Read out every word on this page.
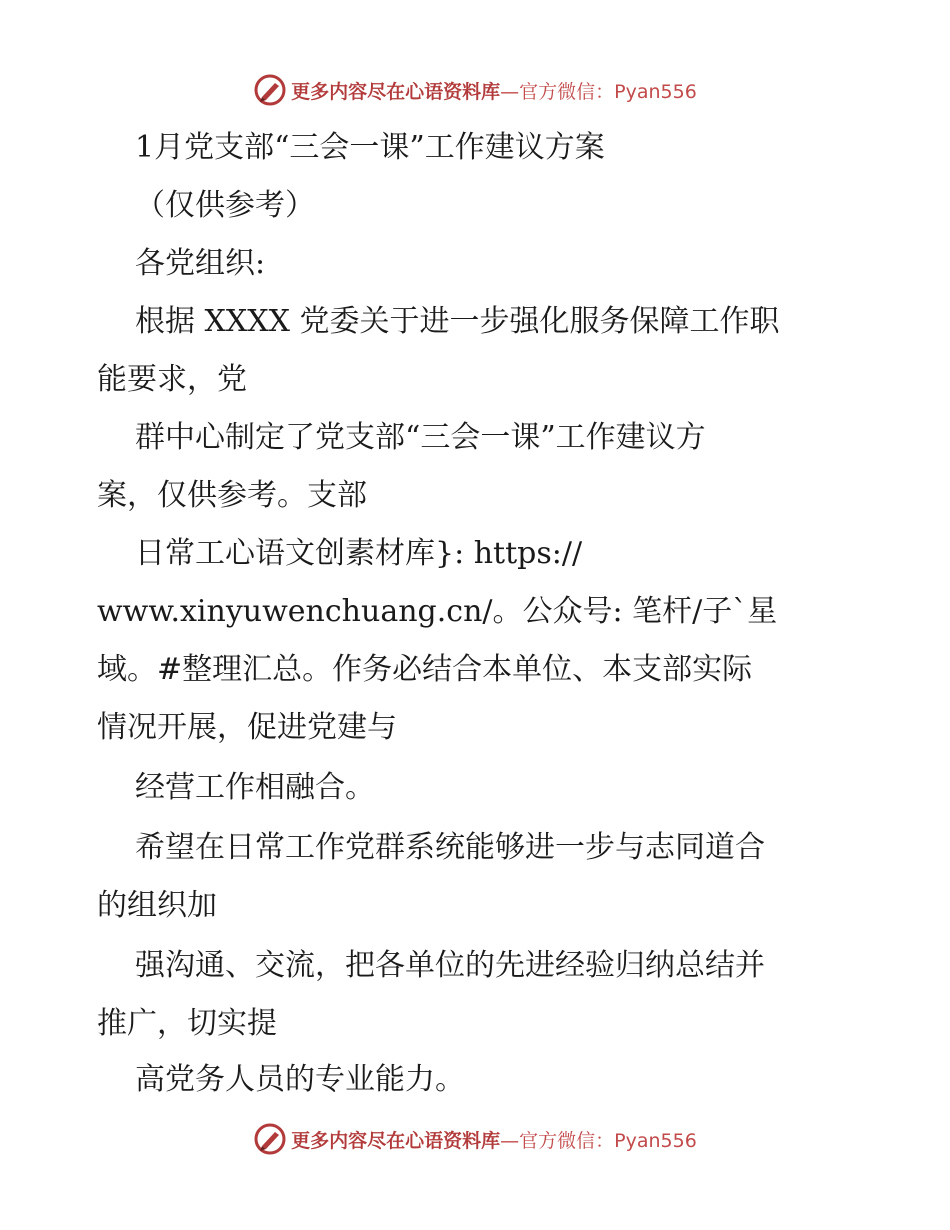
更多内容尽在心语资料库—官方微信：Pyan556
1月党支部“三会一课”工作建议方案
（仅供参考）
各党组织:
根据 XXXX 党委关于进一步强化服务保障工作职
能要求，党
群中心制定了党支部“三会一课”工作建议方
案，仅供参考。支部
日常工心语文创素材库}: https://
www.xinyuwenchuang.cn/。公众号: 笔杆/子`星
域。#整理汇总。作务必结合本单位、本支部实际
情况开展，促进党建与
经营工作相融合。
希望在日常工作党群系统能够进一步与志同道合
的组织加
强沟通、交流，把各单位的先进经验归纳总结并
推广，切实提
高党务人员的专业能力。
更多内容尽在心语资料库—官方微信：Pyan556
